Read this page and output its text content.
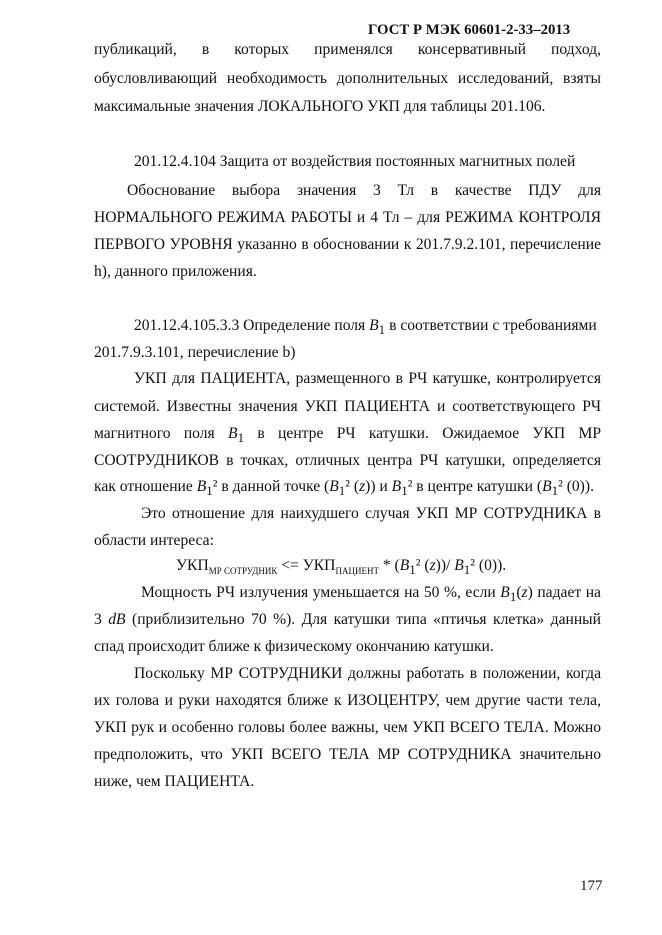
ГОСТ Р МЭК 60601-2-33–2013
публикаций, в которых применялся консервативный подход,
обусловливающий необходимость дополнительных исследований, взяты
максимальные значения ЛОКАЛЬНОГО УКП для таблицы 201.106.
201.12.4.104 Защита от воздействия постоянных магнитных полей
Обоснование выбора значения 3 Тл в качестве ПДУ для
НОРМАЛЬНОГО РЕЖИМА РАБОТЫ и 4 Тл – для РЕЖИМА КОНТРОЛЯ
ПЕРВОГО УРОВНЯ указанно в обосновании к 201.7.9.2.101, перечисление
h), данного приложения.
201.12.4.105.3.3 Определение поля $B_1$ в соответствии с требованиями
201.7.9.3.101, перечисление b)
УКП для ПАЦИЕНТА, размещенного в РЧ катушке, контролируется
системой. Известны значения УКП ПАЦИЕНТА и соответствующего РЧ
магнитного поля $B_1$ в центре РЧ катушки. Ожидаемое УКП МР
СООТРУДНИКОВ в точках, отличных центра РЧ катушки, определяется
как отношение $B_1^2$ в данной точке ($B_1^2$ (z)) и $B_1^2$ в центре катушки ($B_1^2$ (0)).
Это отношение для наихудшего случая УКП МР СОТРУДНИКА в
области интереса:
$УКП_{МР СОТРУДНИК} <= УКП_{ПАЦИЕНТ} * (B_1^2$ (z))/ $B_1^2$ (0)).
Мощность РЧ излучения уменьшается на 50 %, если $B_1(z)$ падает на
3 dB (приблизительно 70 %). Для катушки типа «птичья клетка» данный
спад происходит ближе к физическому окончанию катушки.
Поскольку МР СОТРУДНИКИ должны работать в положении, когда
их голова и руки находятся ближе к ИЗОЦЕНТРУ, чем другие части тела,
УКП рук и особенно головы более важны, чем УКП ВСЕГО ТЕЛА. Можно
предположить, что УКП ВСЕГО ТЕЛА МР СОТРУДНИКА значительно
ниже, чем ПАЦИЕНТА.
177
